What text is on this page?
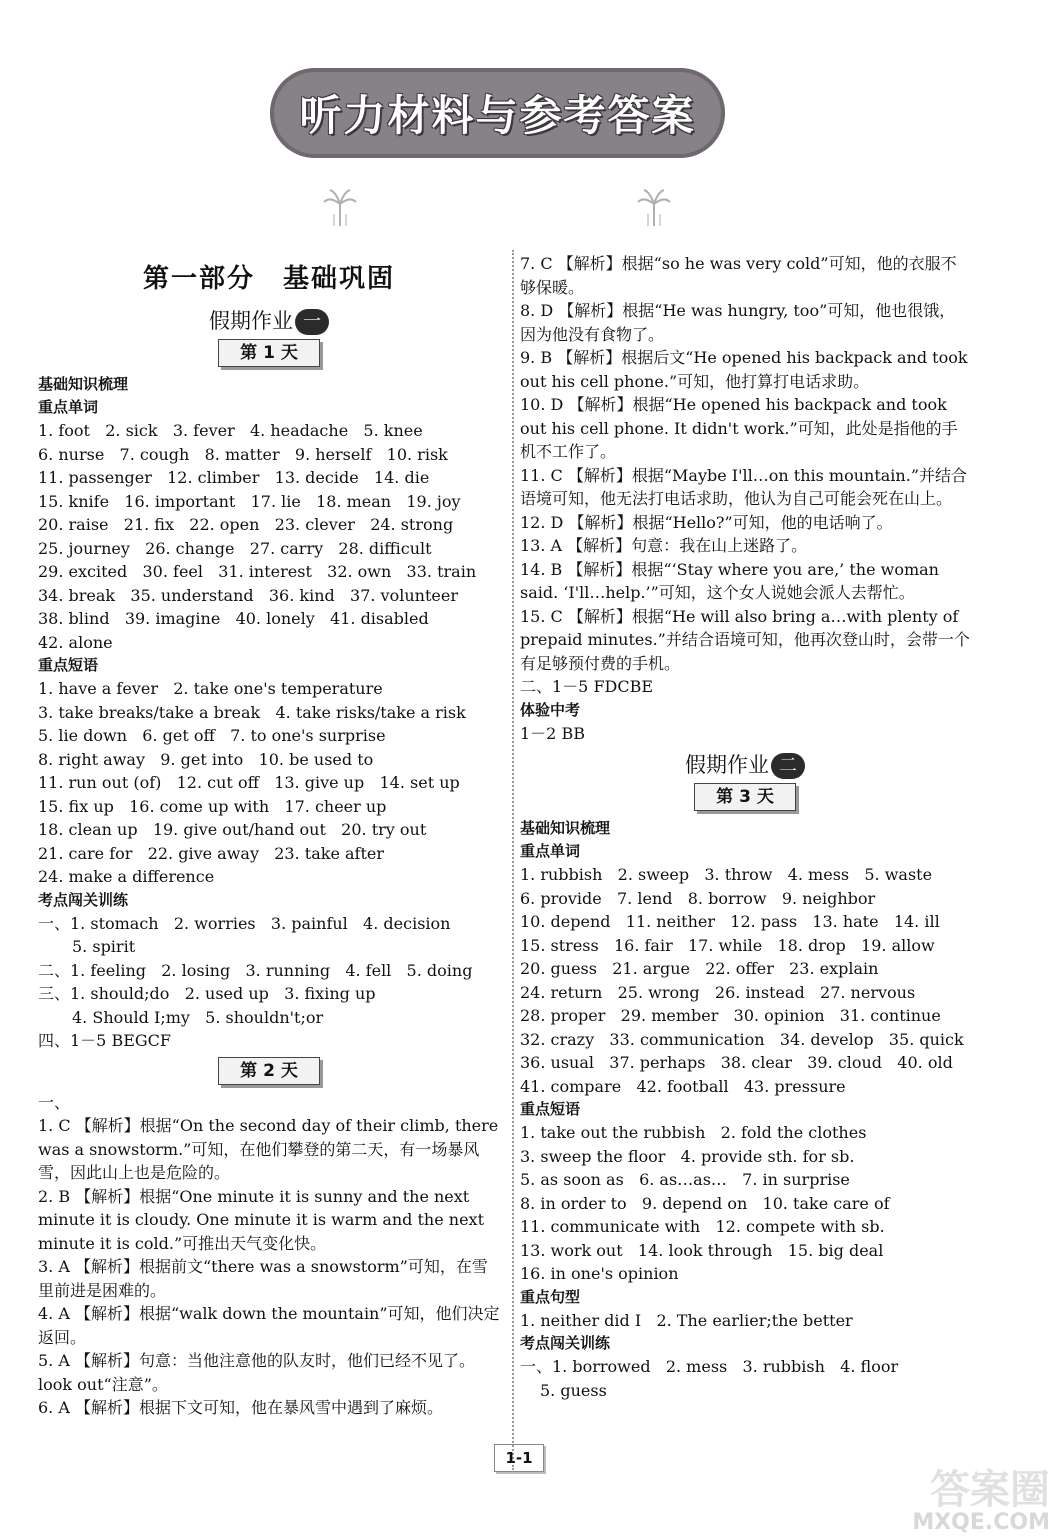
听力材料与参考答案
第一部分　基础巩固
假期作业 一
第 1 天
基础知识梳理
重点单词
1. foot   2. sick   3. fever   4. headache   5. knee
6. nurse   7. cough   8. matter   9. herself   10. risk
11. passenger   12. climber   13. decide   14. die
15. knife   16. important   17. lie   18. mean   19. joy
20. raise   21. fix   22. open   23. clever   24. strong
25. journey   26. change   27. carry   28. difficult
29. excited   30. feel   31. interest   32. own   33. train
34. break   35. understand   36. kind   37. volunteer
38. blind   39. imagine   40. lonely   41. disabled
42. alone
重点短语
1. have a fever   2. take one's temperature
3. take breaks/take a break   4. take risks/take a risk
5. lie down   6. get off   7. to one's surprise
8. right away   9. get into   10. be used to
11. run out (of)   12. cut off   13. give up   14. set up
15. fix up   16. come up with   17. cheer up
18. clean up   19. give out/hand out   20. try out
21. care for   22. give away   23. take after
24. make a difference
考点闯关训练
一、1. stomach   2. worries   3. painful   4. decision
5. spirit
二、1. feeling   2. losing   3. running   4. fell   5. doing
三、1. should;do   2. used up   3. fixing up
4. Should I;my   5. shouldn't;or
四、1－5 BEGCF
第 2 天
一、
1. C 【解析】根据“On the second day of their climb, there was a snowstorm.”可知，在他们攀登的第二天，有一场暴风雪，因此山上也是危险的。
2. B 【解析】根据“One minute it is sunny and the next minute it is cloudy. One minute it is warm and the next minute it is cold.”可推出天气变化快。
3. A 【解析】根据前文“there was a snowstorm”可知，在雪里前进是困难的。
4. A 【解析】根据“walk down the mountain”可知，他们决定返回。
5. A 【解析】句意：当他注意他的队友时，他们已经不见了。look out“注意”。
6. A 【解析】根据下文可知，他在暴风雪中遇到了麻烦。
7. C 【解析】根据“so he was very cold”可知，他的衣服不够保暖。
8. D 【解析】根据“He was hungry, too”可知，他也很饿，因为他没有食物了。
9. B 【解析】根据后文“He opened his backpack and took out his cell phone.”可知，他打算打电话求助。
10. D 【解析】根据“He opened his backpack and took out his cell phone. It didn't work.”可知，此处是指他的手机不工作了。
11. C 【解析】根据“Maybe I'll…on this mountain.”并结合语境可知，他无法打电话求助，他认为自己可能会死在山上。
12. D 【解析】根据“Hello?”可知，他的电话响了。
13. A 【解析】句意：我在山上迷路了。
14. B 【解析】根据“‘Stay where you are,’ the woman said. ‘I'll…help.’”可知，这个女人说她会派人去帮忙。
15. C 【解析】根据“He will also bring a…with plenty of prepaid minutes.”并结合语境可知，他再次登山时，会带一个有足够预付费的手机。
二、1－5 FDCBE
体验中考
1－2 BB
假期作业 二
第 3 天
基础知识梳理
重点单词
1. rubbish   2. sweep   3. throw   4. mess   5. waste
6. provide   7. lend   8. borrow   9. neighbor
10. depend   11. neither   12. pass   13. hate   14. ill
15. stress   16. fair   17. while   18. drop   19. allow
20. guess   21. argue   22. offer   23. explain
24. return   25. wrong   26. instead   27. nervous
28. proper   29. member   30. opinion   31. continue
32. crazy   33. communication   34. develop   35. quick
36. usual   37. perhaps   38. clear   39. cloud   40. old
41. compare   42. football   43. pressure
重点短语
1. take out the rubbish   2. fold the clothes
3. sweep the floor   4. provide sth. for sb.
5. as soon as   6. as…as…   7. in surprise
8. in order to   9. depend on   10. take care of
11. communicate with   12. compete with sb.
13. work out   14. look through   15. big deal
16. in one's opinion
重点句型
1. neither did I   2. The earlier;the better
考点闯关训练
一、1. borrowed   2. mess   3. rubbish   4. floor
5. guess
1-1
答案圈
MXQE.COM
